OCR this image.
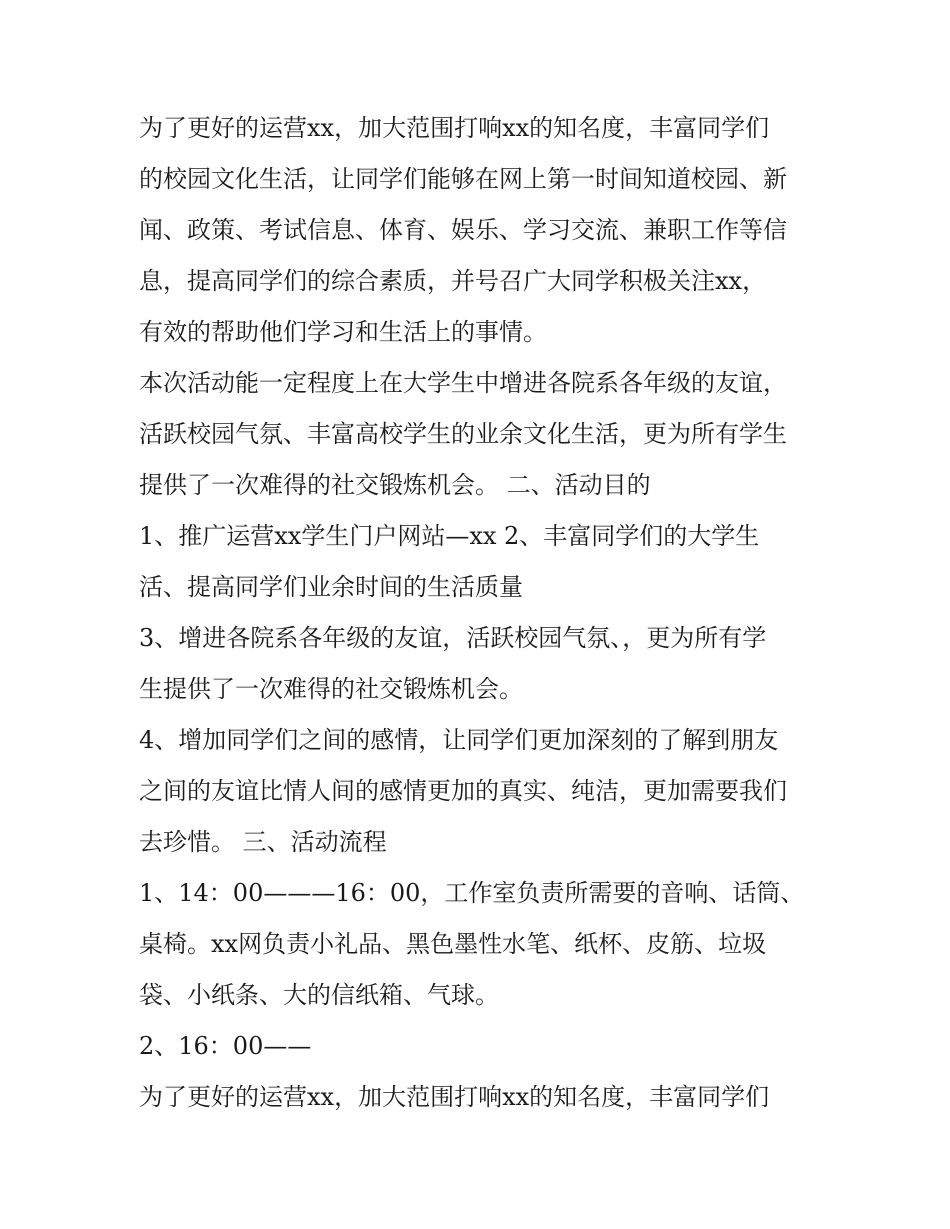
为了更好的运营xx，加大范围打响xx的知名度，丰富同学们
的校园文化生活，让同学们能够在网上第一时间知道校园、新
闻、政策、考试信息、体育、娱乐、学习交流、兼职工作等信
息，提高同学们的综合素质，并号召广大同学积极关注xx，
有效的帮助他们学习和生活上的事情。
本次活动能一定程度上在大学生中增进各院系各年级的友谊，
活跃校园气氛、丰富高校学生的业余文化生活，更为所有学生
提供了一次难得的社交锻炼机会。 二、活动目的
1、推广运营xx学生门户网站—xx 2、丰富同学们的大学生
活、提高同学们业余时间的生活质量
3、增进各院系各年级的友谊，活跃校园气氛、，更为所有学
生提供了一次难得的社交锻炼机会。
4、增加同学们之间的感情，让同学们更加深刻的了解到朋友
之间的友谊比情人间的感情更加的真实、纯洁，更加需要我们
去珍惜。 三、活动流程
1、14：00———16：00，工作室负责所需要的音响、话筒、
桌椅。xx网负责小礼品、黑色墨性水笔、纸杯、皮筋、垃圾
袋、小纸条、大的信纸箱、气球。
2、16：00——
为了更好的运营xx，加大范围打响xx的知名度，丰富同学们
